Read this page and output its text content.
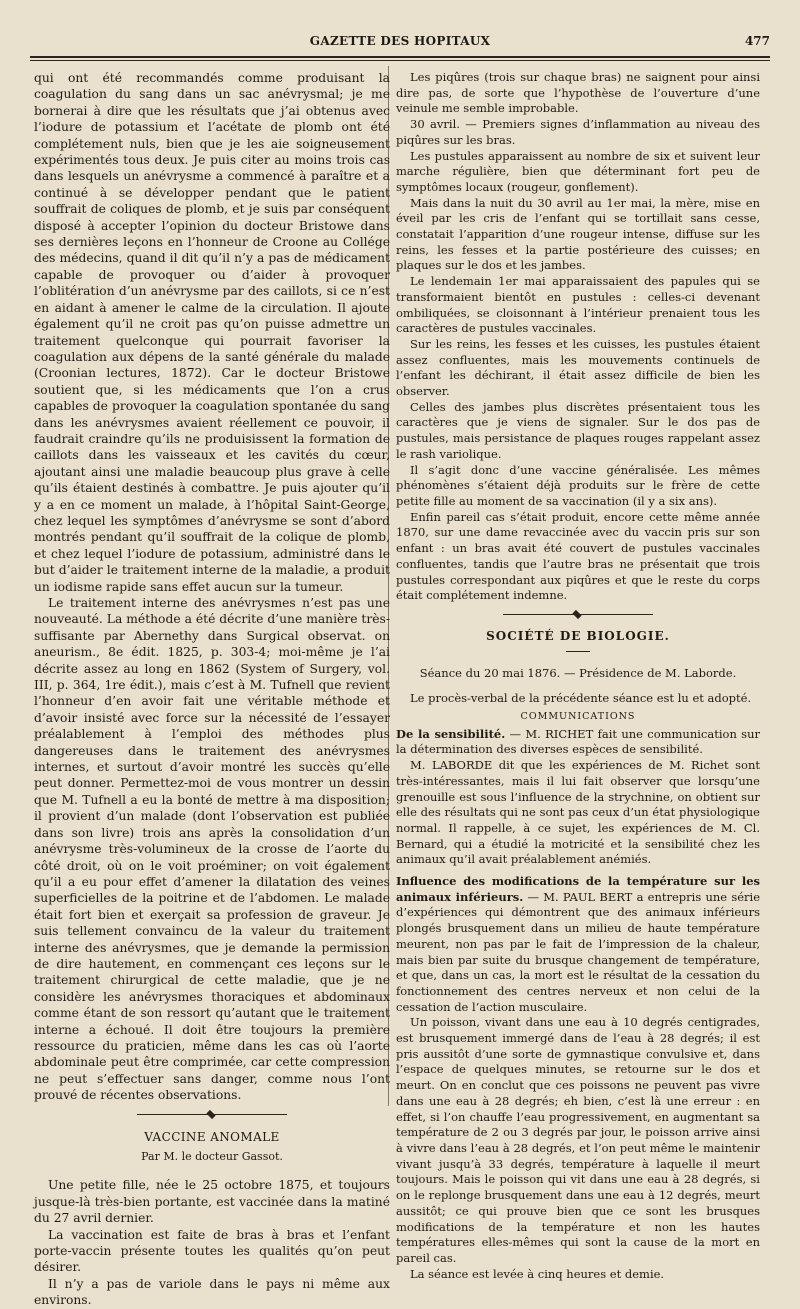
GAZETTE DES HOPITAUX	477

qui ont été recommandés comme produisant la coagulation du sang dans un sac anévrysmal; je me bornerai à dire que les résultats que j’ai obtenus avec l’iodure de potassium et l’acétate de plomb ont été complétement nuls, bien que je les aie soigneusement expérimentés tous deux. Je puis citer au moins trois cas dans lesquels un anévrysme a commencé à paraître et a continué à se développer pendant que le patient souffrait de coliques de plomb, et je suis par conséquent disposé à accepter l’opinion du docteur Bristowe dans ses dernières leçons en l’honneur de Croone au Collége des médecins, quand il dit qu’il n’y a pas de médicament capable de provoquer ou d’aider à provoquer l’oblitération d’un anévrysme par des caillots, si ce n’est en aidant à amener le calme de la circulation. Il ajoute également qu’il ne croit pas qu’on puisse admettre un traitement quelconque qui pourrait favoriser la coagulation aux dépens de la santé générale du malade (Croonian lectures, 1872). Car le docteur Bristowe soutient que, si les médicaments que l’on a crus capables de provoquer la coagulation spontanée du sang dans les anévrysmes avaient réellement ce pouvoir, il faudrait craindre qu’ils ne produisissent la formation de caillots dans les vaisseaux et les cavités du cœur, ajoutant ainsi une maladie beaucoup plus grave à celle qu’ils étaient destinés à combattre. Je puis ajouter qu’il y a en ce moment un malade, à l’hôpital Saint-George, chez lequel les symptômes d’anévrysme se sont d’abord montrés pendant qu’il souffrait de la colique de plomb, et chez lequel l’iodure de potassium, administré dans le but d’aider le traitement interne de la maladie, a produit un iodisme rapide sans effet aucun sur la tumeur.

Le traitement interne des anévrysmes n’est pas une nouveauté. La méthode a été décrite d’une manière très-suffisante par Abernethy dans Surgical observat. on aneurism., 8e édit. 1825, p. 303-4; moi-même je l’ai décrite assez au long en 1862 (System of Surgery, vol. III, p. 364, 1re édit.), mais c’est à M. Tufnell que revient l’honneur d’en avoir fait une véritable méthode et d’avoir insisté avec force sur la nécessité de l’essayer préalablement à l’emploi des méthodes plus dangereuses dans le traitement des anévrysmes internes, et surtout d’avoir montré les succès qu’elle peut donner. Permettez-moi de vous montrer un dessin que M. Tufnell a eu la bonté de mettre à ma disposition; il provient d’un malade (dont l’observation est publiée dans son livre) trois ans après la consolidation d’un anévrysme très-volumineux de la crosse de l’aorte du côté droit, où on le voit proéminer; on voit également qu’il a eu pour effet d’amener la dilatation des veines superficielles de la poitrine et de l’abdomen. Le malade était fort bien et exerçait sa profession de graveur. Je suis tellement convaincu de la valeur du traitement interne des anévrysmes, que je demande la permission de dire hautement, en commençant ces leçons sur le traitement chirurgical de cette maladie, que je ne considère les anévrysmes thoraciques et abdominaux comme étant de son ressort qu’autant que le traitement interne a échoué. Il doit être toujours la première ressource du praticien, même dans les cas où l’aorte abdominale peut être comprimée, car cette compression ne peut s’effectuer sans danger, comme nous l’ont prouvé de récentes observations.

VACCINE ANOMALE
Par M. le docteur Gassot.

Une petite fille, née le 25 octobre 1875, et toujours jusque-là très-bien portante, est vaccinée dans la matiné du 27 avril dernier.

La vaccination est faite de bras à bras et l’enfant porte-vaccin présente toutes les qualités qu’on peut désirer.

Il n’y a pas de variole dans le pays ni même aux environs.

Les piqûres (trois sur chaque bras) ne saignent pour ainsi dire pas, de sorte que l’hypothèse de l’ouverture d’une veinule me semble improbable.

30 avril. — Premiers signes d’inflammation au niveau des piqûres sur les bras.

Les pustules apparaissent au nombre de six et suivent leur marche régulière, bien que déterminant fort peu de symptômes locaux (rougeur, gonflement).

Mais dans la nuit du 30 avril au 1er mai, la mère, mise en éveil par les cris de l’enfant qui se tortillait sans cesse, constatait l’apparition d’une rougeur intense, diffuse sur les reins, les fesses et la partie postérieure des cuisses; en plaques sur le dos et les jambes.

Le lendemain 1er mai apparaissaient des papules qui se transformaient bientôt en pustules : celles-ci devenant ombiliquées, se cloisonnant à l’intérieur prenaient tous les caractères de pustules vaccinales.

Sur les reins, les fesses et les cuisses, les pustules étaient assez confluentes, mais les mouvements continuels de l’enfant les déchirant, il était assez difficile de bien les observer.

Celles des jambes plus discrètes présentaient tous les caractères que je viens de signaler. Sur le dos pas de pustules, mais persistance de plaques rouges rappelant assez le rash variolique.

Il s’agit donc d’une vaccine généralisée. Les mêmes phénomènes s’étaient déjà produits sur le frère de cette petite fille au moment de sa vaccination (il y a six ans).

Enfin pareil cas s’était produit, encore cette même année 1870, sur une dame revaccinée avec du vaccin pris sur son enfant : un bras avait été couvert de pustules vaccinales confluentes, tandis que l’autre bras ne présentait que trois pustules correspondant aux piqûres et que le reste du corps était complétement indemne.

SOCIÉTÉ DE BIOLOGIE.
Séance du 20 mai 1876. — Présidence de M. Laborde.

Le procès-verbal de la précédente séance est lu et adopté.

COMMUNICATIONS

De la sensibilité. — M. RICHET fait une communication sur la détermination des diverses espèces de sensibilité.

M. LABORDE dit que les expériences de M. Richet sont très-intéressantes, mais il lui fait observer que lorsqu’une grenouille est sous l’influence de la strychnine, on obtient sur elle des résultats qui ne sont pas ceux d’un état physiologique normal. Il rappelle, à ce sujet, les expériences de M. Cl. Bernard, qui a étudié la motricité et la sensibilité chez les animaux qu’il avait préalablement anémiés.

Influence des modifications de la température sur les animaux inférieurs. — M. PAUL BERT a entrepris une série d’expériences qui démontrent que des animaux inférieurs plongés brusquement dans un milieu de haute température meurent, non pas par le fait de l’impression de la chaleur, mais bien par suite du brusque changement de température, et que, dans un cas, la mort est le résultat de la cessation du fonctionnement des centres nerveux et non celui de la cessation de l’action musculaire.

Un poisson, vivant dans une eau à 10 degrés centigrades, est brusquement immergé dans de l’eau à 28 degrés; il est pris aussitôt d’une sorte de gymnastique convulsive et, dans l’espace de quelques minutes, se retourne sur le dos et meurt. On en conclut que ces poissons ne peuvent pas vivre dans une eau à 28 degrés; eh bien, c’est là une erreur : en effet, si l’on chauffe l’eau progressivement, en augmentant sa température de 2 ou 3 degrés par jour, le poisson arrive ainsi à vivre dans l’eau à 28 degrés, et l’on peut même le maintenir vivant jusqu’à 33 degrés, température à laquelle il meurt toujours. Mais le poisson qui vit dans une eau à 28 degrés, si on le replonge brusquement dans une eau à 12 degrés, meurt aussitôt; ce qui prouve bien que ce sont les brusques modifications de la température et non les hautes températures elles-mêmes qui sont la cause de la mort en pareil cas.

La séance est levée à cinq heures et demie.
